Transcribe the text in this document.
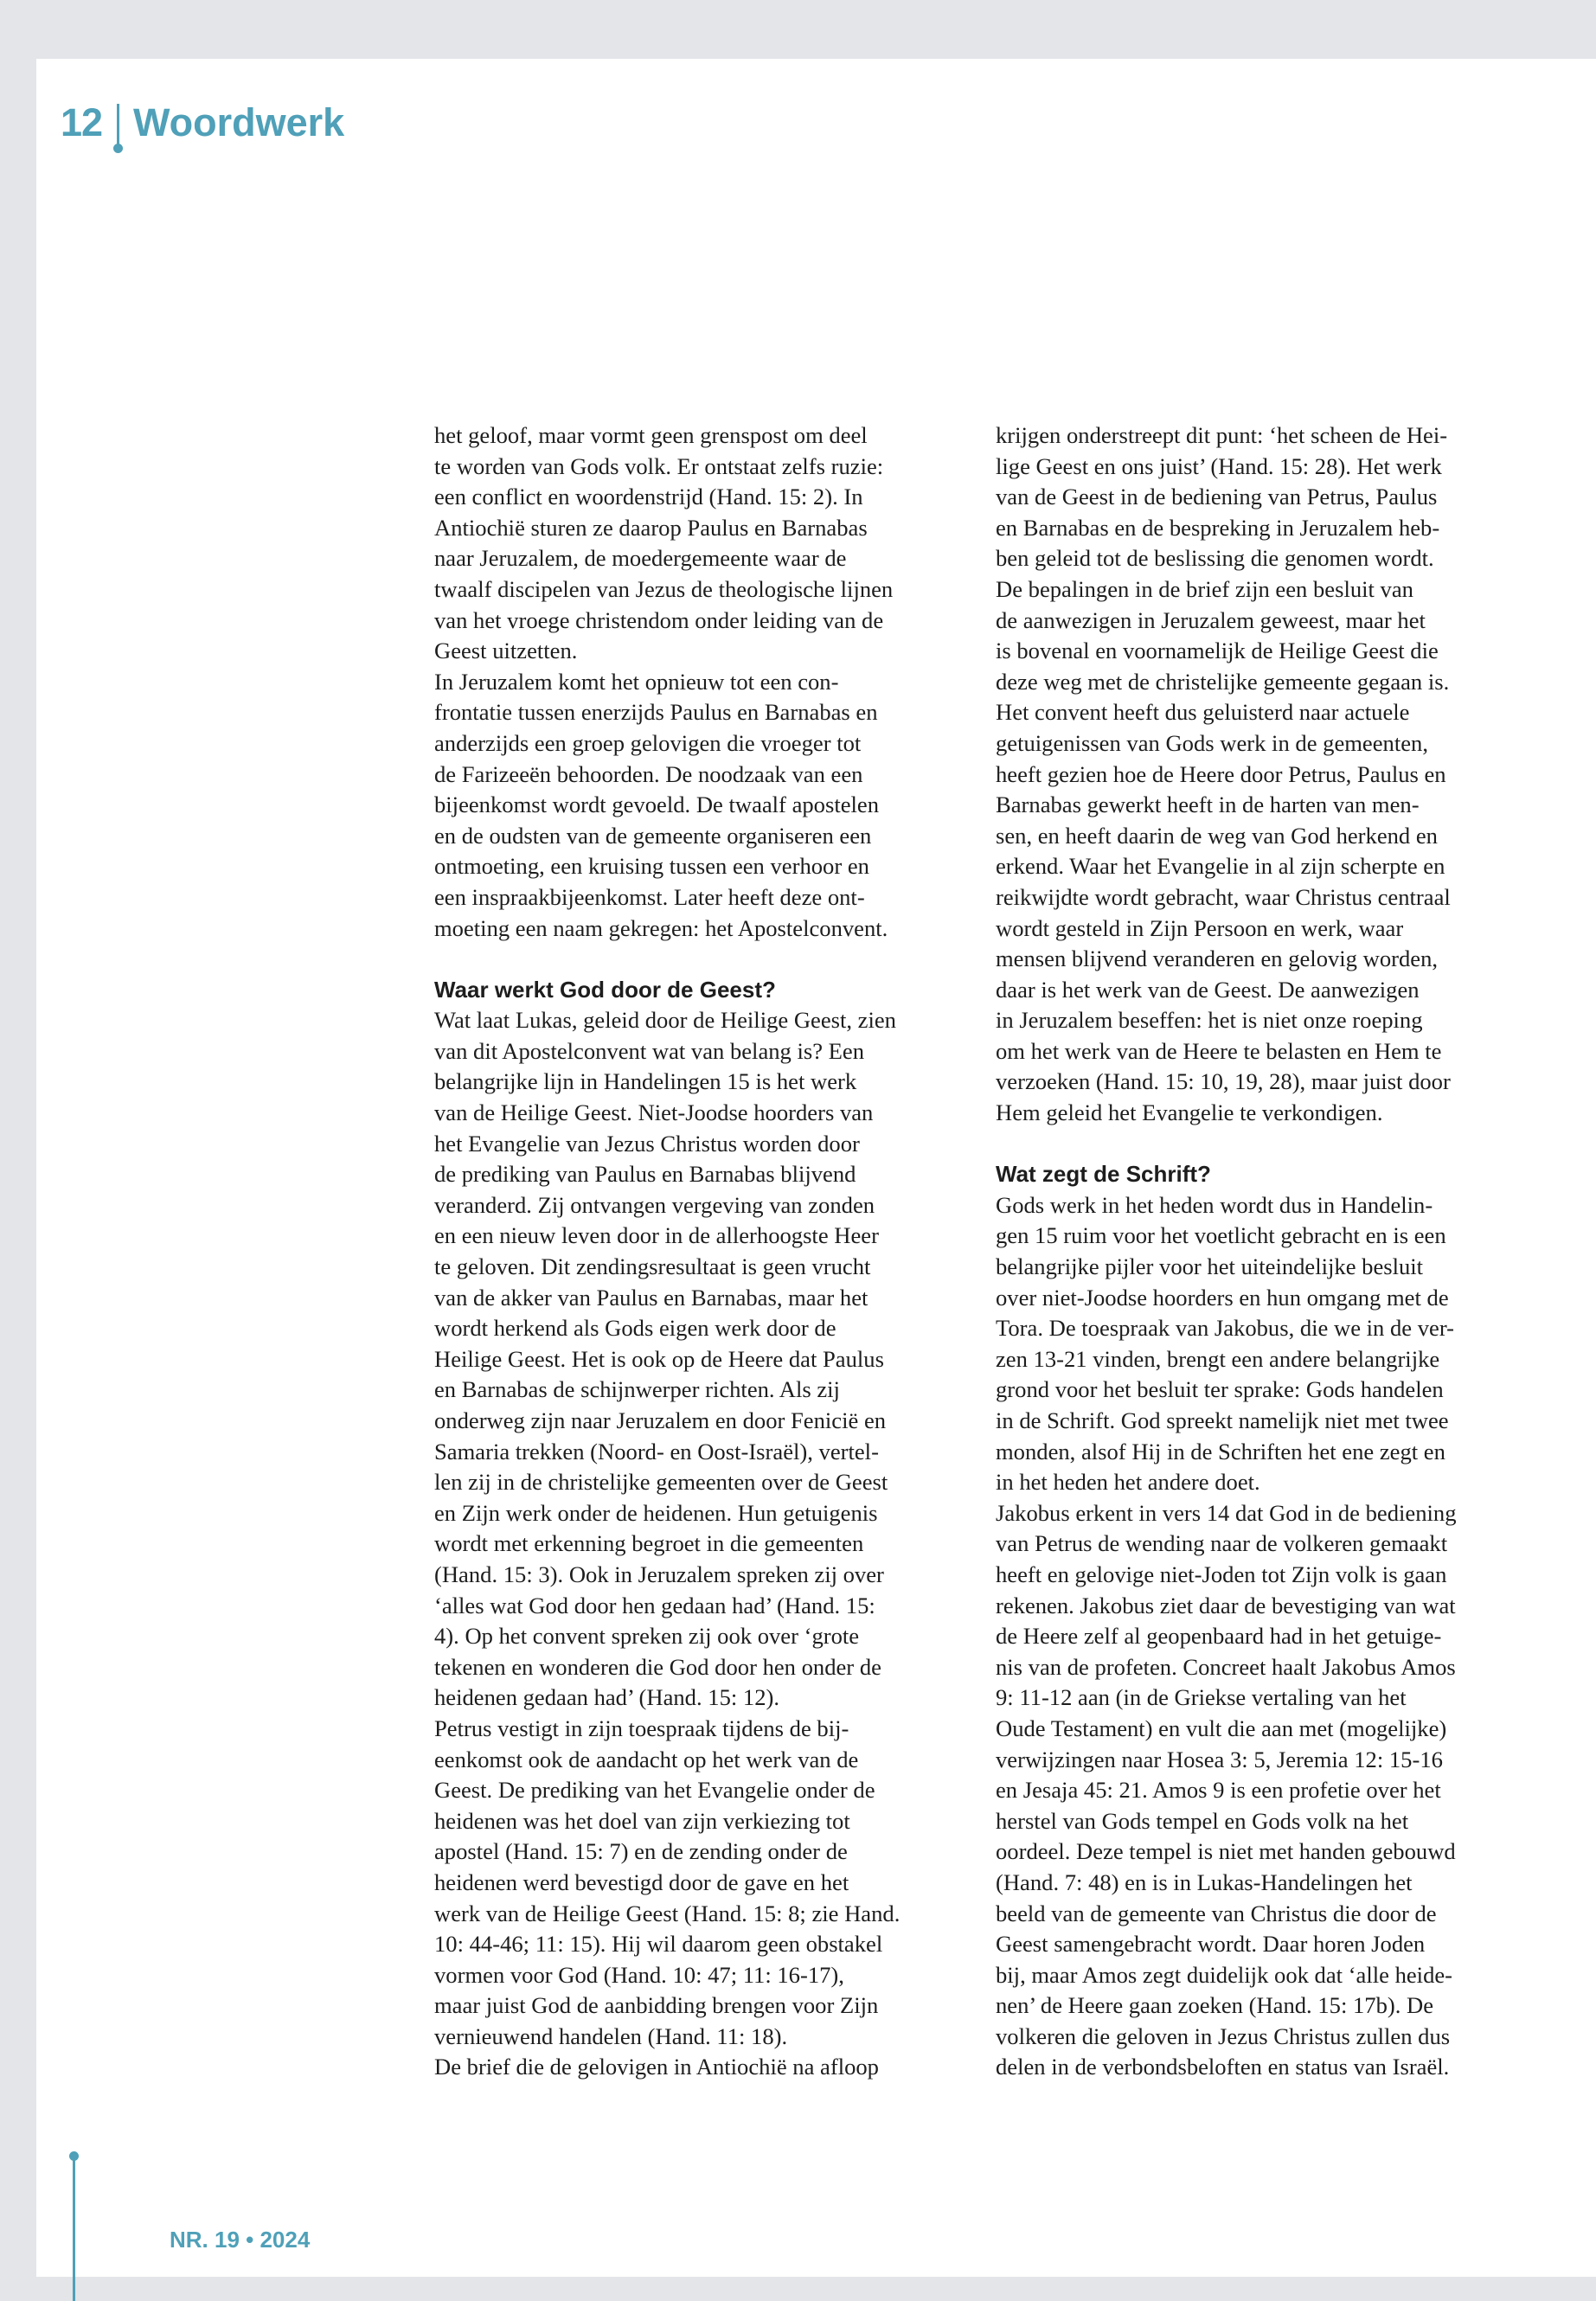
12 Woordwerk
het geloof, maar vormt geen grenspost om deel
te worden van Gods volk. Er ontstaat zelfs ruzie:
een conflict en woordenstrijd (Hand. 15: 2). In
Antiochië sturen ze daarop Paulus en Barnabas
naar Jeruzalem, de moedergemeente waar de
twaalf discipelen van Jezus de theologische lijnen
van het vroege christendom onder leiding van de
Geest uitzetten.
In Jeruzalem komt het opnieuw tot een con-
frontatie tussen enerzijds Paulus en Barnabas en
anderzijds een groep gelovigen die vroeger tot
de Farizeeën behoorden. De noodzaak van een
bijeenkomst wordt gevoeld. De twaalf apostelen
en de oudsten van de gemeente organiseren een
ontmoeting, een kruising tussen een verhoor en
een inspraakbijeenkomst. Later heeft deze ont-
moeting een naam gekregen: het Apostelconvent.
Waar werkt God door de Geest?
Wat laat Lukas, geleid door de Heilige Geest, zien
van dit Apostelconvent wat van belang is? Een
belangrijke lijn in Handelingen 15 is het werk
van de Heilige Geest. Niet-Joodse hoorders van
het Evangelie van Jezus Christus worden door
de prediking van Paulus en Barnabas blijvend
veranderd. Zij ontvangen vergeving van zonden
en een nieuw leven door in de allerhoogste Heer
te geloven. Dit zendingsresultaat is geen vrucht
van de akker van Paulus en Barnabas, maar het
wordt herkend als Gods eigen werk door de
Heilige Geest. Het is ook op de Heere dat Paulus
en Barnabas de schijnwerper richten. Als zij
onderweg zijn naar Jeruzalem en door Fenicië en
Samaria trekken (Noord- en Oost-Israël), vertel-
len zij in de christelijke gemeenten over de Geest
en Zijn werk onder de heidenen. Hun getuigenis
wordt met erkenning begroet in die gemeenten
(Hand. 15: 3). Ook in Jeruzalem spreken zij over
‘alles wat God door hen gedaan had’ (Hand. 15:
4). Op het convent spreken zij ook over ‘grote
tekenen en wonderen die God door hen onder de
heidenen gedaan had’ (Hand. 15: 12).
Petrus vestigt in zijn toespraak tijdens de bij-
eenkomst ook de aandacht op het werk van de
Geest. De prediking van het Evangelie onder de
heidenen was het doel van zijn verkiezing tot
apostel (Hand. 15: 7) en de zending onder de
heidenen werd bevestigd door de gave en het
werk van de Heilige Geest (Hand. 15: 8; zie Hand.
10: 44-46; 11: 15). Hij wil daarom geen obstakel
vormen voor God (Hand. 10: 47; 11: 16-17),
maar juist God de aanbidding brengen voor Zijn
vernieuwend handelen (Hand. 11: 18).
De brief die de gelovigen in Antiochië na afloop
krijgen onderstreept dit punt: ‘het scheen de Hei-
lige Geest en ons juist’ (Hand. 15: 28). Het werk
van de Geest in de bediening van Petrus, Paulus
en Barnabas en de bespreking in Jeruzalem heb-
ben geleid tot de beslissing die genomen wordt.
De bepalingen in de brief zijn een besluit van
de aanwezigen in Jeruzalem geweest, maar het
is bovenal en voornamelijk de Heilige Geest die
deze weg met de christelijke gemeente gegaan is.
Het convent heeft dus geluisterd naar actuele
getuigenissen van Gods werk in de gemeenten,
heeft gezien hoe de Heere door Petrus, Paulus en
Barnabas gewerkt heeft in de harten van men-
sen, en heeft daarin de weg van God herkend en
erkend. Waar het Evangelie in al zijn scherpte en
reikwijdte wordt gebracht, waar Christus centraal
wordt gesteld in Zijn Persoon en werk, waar
mensen blijvend veranderen en gelovig worden,
daar is het werk van de Geest. De aanwezigen
in Jeruzalem beseffen: het is niet onze roeping
om het werk van de Heere te belasten en Hem te
verzoeken (Hand. 15: 10, 19, 28), maar juist door
Hem geleid het Evangelie te verkondigen.
Wat zegt de Schrift?
Gods werk in het heden wordt dus in Handelin-
gen 15 ruim voor het voetlicht gebracht en is een
belangrijke pijler voor het uiteindelijke besluit
over niet-Joodse hoorders en hun omgang met de
Tora. De toespraak van Jakobus, die we in de ver-
zen 13-21 vinden, brengt een andere belangrijke
grond voor het besluit ter sprake: Gods handelen
in de Schrift. God spreekt namelijk niet met twee
monden, alsof Hij in de Schriften het ene zegt en
in het heden het andere doet.
Jakobus erkent in vers 14 dat God in de bediening
van Petrus de wending naar de volkeren gemaakt
heeft en gelovige niet-Joden tot Zijn volk is gaan
rekenen. Jakobus ziet daar de bevestiging van wat
de Heere zelf al geopenbaard had in het getuige-
nis van de profeten. Concreet haalt Jakobus Amos
9: 11-12 aan (in de Griekse vertaling van het
Oude Testament) en vult die aan met (mogelijke)
verwijzingen naar Hosea 3: 5, Jeremia 12: 15-16
en Jesaja 45: 21. Amos 9 is een profetie over het
herstel van Gods tempel en Gods volk na het
oordeel. Deze tempel is niet met handen gebouwd
(Hand. 7: 48) en is in Lukas-Handelingen het
beeld van de gemeente van Christus die door de
Geest samengebracht wordt. Daar horen Joden
bij, maar Amos zegt duidelijk ook dat ‘alle heide-
nen’ de Heere gaan zoeken (Hand. 15: 17b). De
volkeren die geloven in Jezus Christus zullen dus
delen in de verbondsbeloften en status van Israël.
NR. 19 • 2024
